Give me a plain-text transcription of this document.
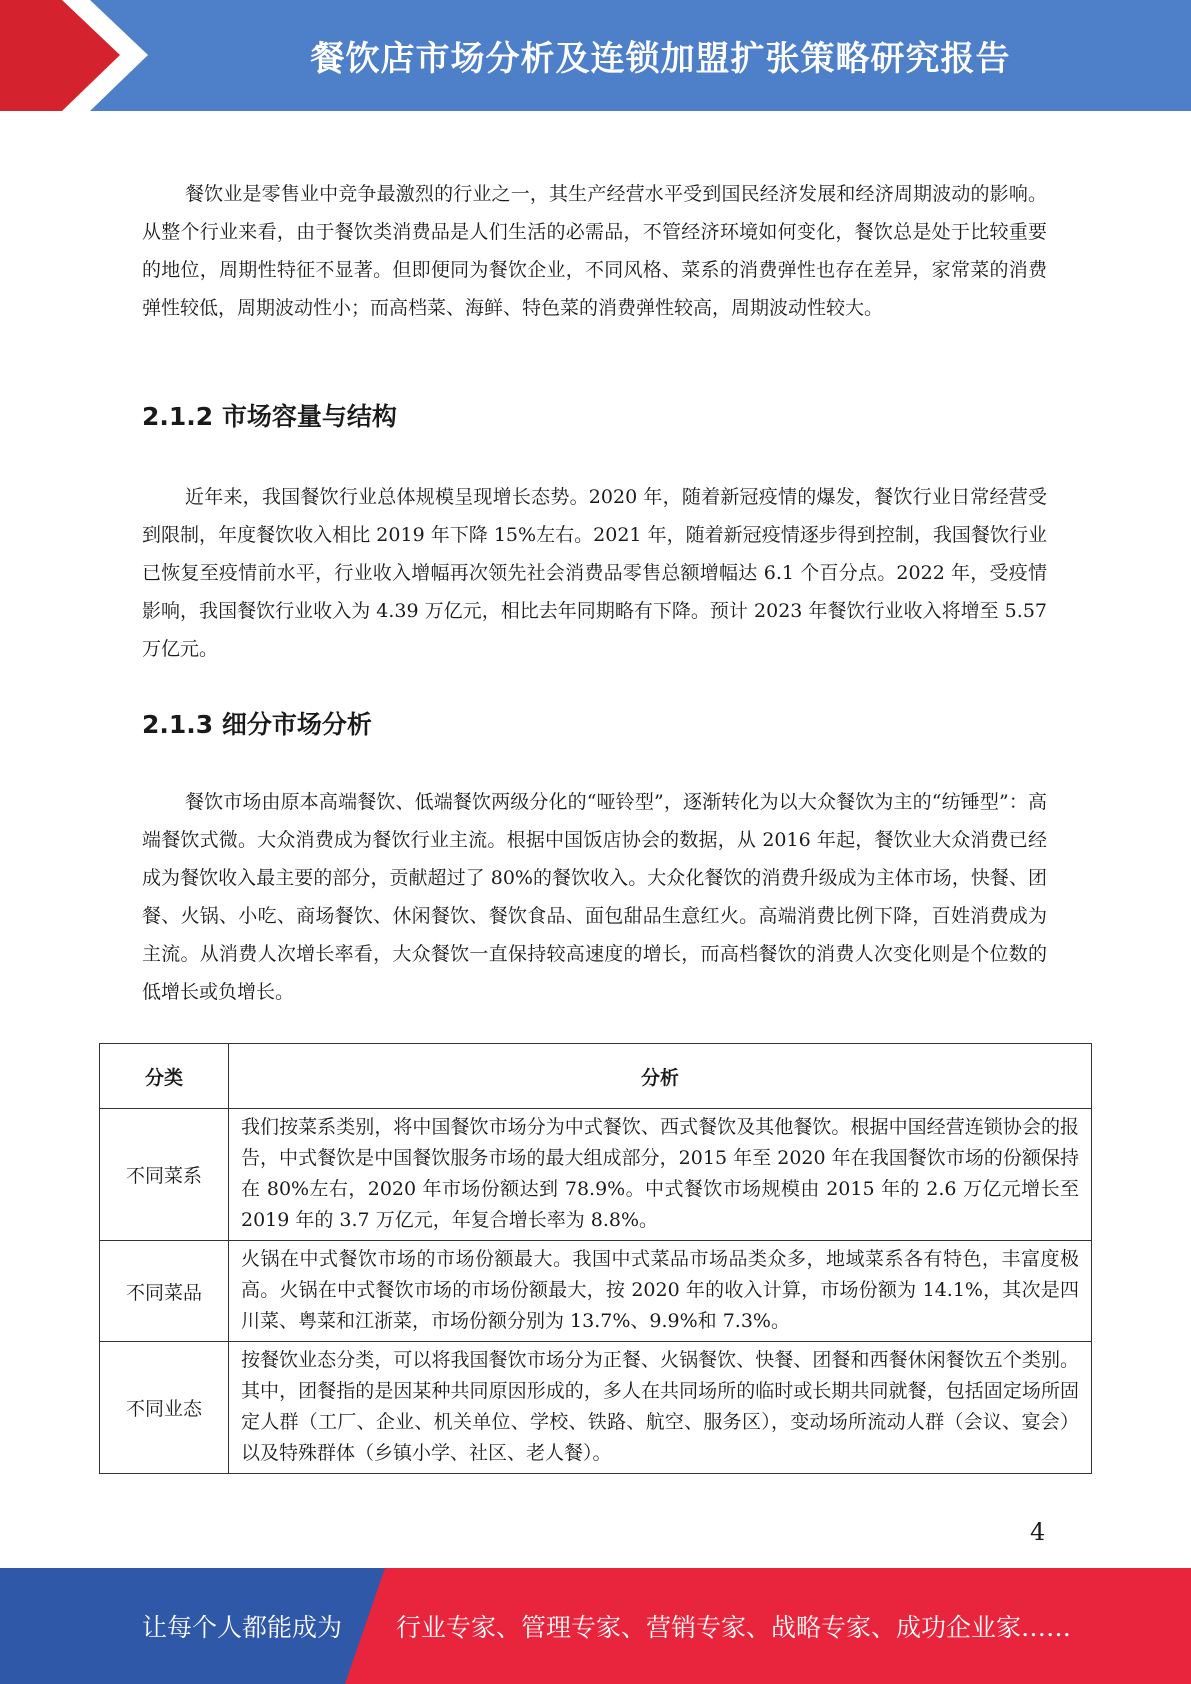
餐饮店市场分析及连锁加盟扩张策略研究报告

餐饮业是零售业中竞争最激烈的行业之一，其生产经营水平受到国民经济发展和经济周期波动的影响。从整个行业来看，由于餐饮类消费品是人们生活的必需品，不管经济环境如何变化，餐饮总是处于比较重要的地位，周期性特征不显著。但即便同为餐饮企业，不同风格、菜系的消费弹性也存在差异，家常菜的消费弹性较低，周期波动性小；而高档菜、海鲜、特色菜的消费弹性较高，周期波动性较大。

2.1.2 市场容量与结构

近年来，我国餐饮行业总体规模呈现增长态势。2020 年，随着新冠疫情的爆发，餐饮行业日常经营受到限制，年度餐饮收入相比 2019 年下降 15%左右。2021 年，随着新冠疫情逐步得到控制，我国餐饮行业已恢复至疫情前水平，行业收入增幅再次领先社会消费品零售总额增幅达 6.1 个百分点。2022 年，受疫情影响，我国餐饮行业收入为 4.39 万亿元，相比去年同期略有下降。预计 2023 年餐饮行业收入将增至 5.57 万亿元。

2.1.3 细分市场分析

餐饮市场由原本高端餐饮、低端餐饮两级分化的“哑铃型”，逐渐转化为以大众餐饮为主的“纺锤型”：高端餐饮式微。大众消费成为餐饮行业主流。根据中国饭店协会的数据，从 2016 年起，餐饮业大众消费已经成为餐饮收入最主要的部分，贡献超过了 80%的餐饮收入。大众化餐饮的消费升级成为主体市场，快餐、团餐、火锅、小吃、商场餐饮、休闲餐饮、餐饮食品、面包甜品生意红火。高端消费比例下降，百姓消费成为主流。从消费人次增长率看，大众餐饮一直保持较高速度的增长，而高档餐饮的消费人次变化则是个位数的低增长或负增长。

分类	分析
不同菜系	我们按菜系类别，将中国餐饮市场分为中式餐饮、西式餐饮及其他餐饮。根据中国经营连锁协会的报告，中式餐饮是中国餐饮服务市场的最大组成部分，2015 年至 2020 年在我国餐饮市场的份额保持在 80%左右，2020 年市场份额达到 78.9%。中式餐饮市场规模由 2015 年的 2.6 万亿元增长至 2019 年的 3.7 万亿元，年复合增长率为 8.8%。
不同菜品	火锅在中式餐饮市场的市场份额最大。我国中式菜品市场品类众多，地域菜系各有特色，丰富度极高。火锅在中式餐饮市场的市场份额最大，按 2020 年的收入计算，市场份额为 14.1%，其次是四川菜、粤菜和江浙菜，市场份额分别为 13.7%、9.9%和 7.3%。
不同业态	按餐饮业态分类，可以将我国餐饮市场分为正餐、火锅餐饮、快餐、团餐和西餐休闲餐饮五个类别。其中，团餐指的是因某种共同原因形成的，多人在共同场所的临时或长期共同就餐，包括固定场所固定人群（工厂、企业、机关单位、学校、铁路、航空、服务区），变动场所流动人群（会议、宴会）以及特殊群体（乡镇小学、社区、老人餐）。
4
让每个人都能成为 行业专家、管理专家、营销专家、战略专家、成功企业家……
